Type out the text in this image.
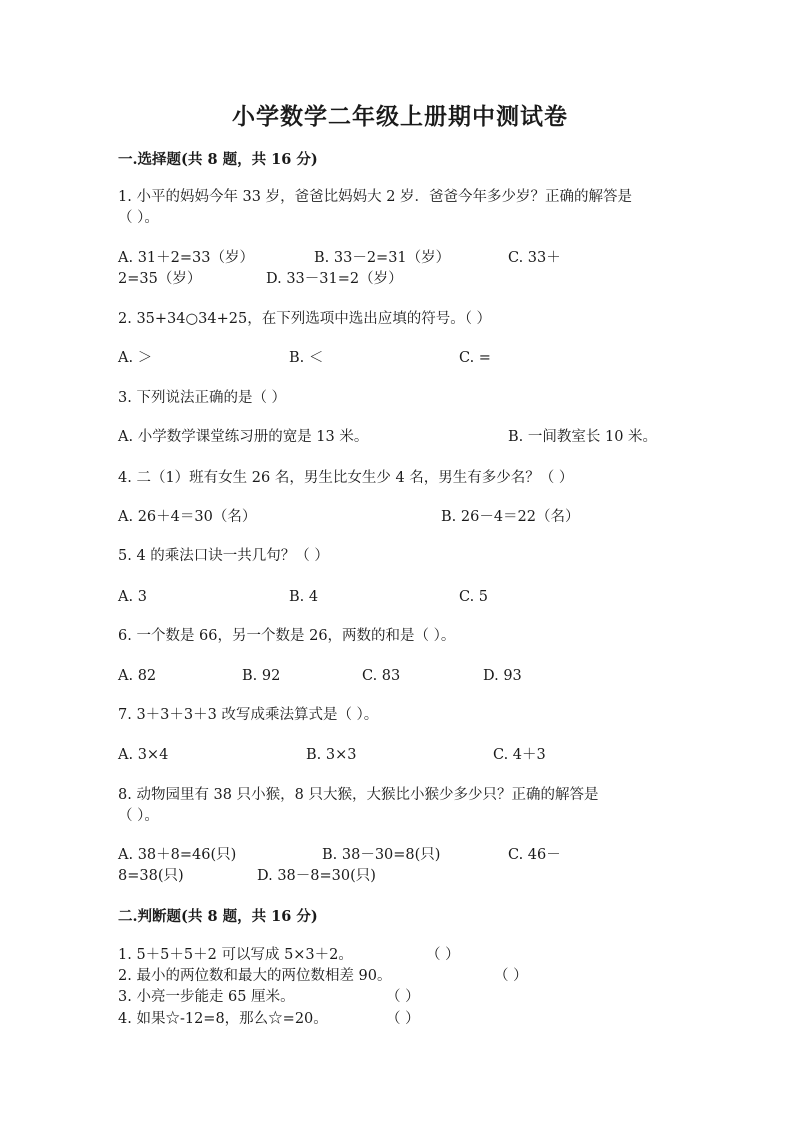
小学数学二年级上册期中测试卷
一.选择题(共 8 题，共 16 分)
1. 小平的妈妈今年 33 岁，爸爸比妈妈大 2 岁．爸爸今年多少岁？正确的解答是
（ ）。
A. 31＋2=33（岁）	B. 33－2=31（岁）	C. 33＋
2=35（岁）	D. 33－31=2（岁）
2. 35+34○34+25，在下列选项中选出应填的符号。（ ）
A. ＞	B. ＜	C. =
3. 下列说法正确的是（ ）
A. 小学数学课堂练习册的宽是 13 米。	B. 一间教室长 10 米。
4. 二（1）班有女生 26 名，男生比女生少 4 名，男生有多少名？（ ）
A. 26＋4＝30（名）	B. 26－4＝22（名）
5. 4 的乘法口诀一共几句？（ ）
A. 3	B. 4	C. 5
6. 一个数是 66，另一个数是 26，两数的和是（ ）。
A. 82	B. 92	C. 83	D. 93
7. 3＋3＋3＋3 改写成乘法算式是（ ）。
A. 3×4	B. 3×3	C. 4＋3
8. 动物园里有 38 只小猴，8 只大猴，大猴比小猴少多少只？正确的解答是
（ ）。
A. 38＋8=46(只)	B. 38－30=8(只)	C. 46－
8=38(只)	D. 38－8=30(只)
二.判断题(共 8 题，共 16 分)
1. 5＋5＋5＋2 可以写成 5×3＋2。	（ ）
2. 最小的两位数和最大的两位数相差 90。	（ ）
3. 小亮一步能走 65 厘米。	（ ）
4. 如果☆-12=8，那么☆=20。	（ ）
